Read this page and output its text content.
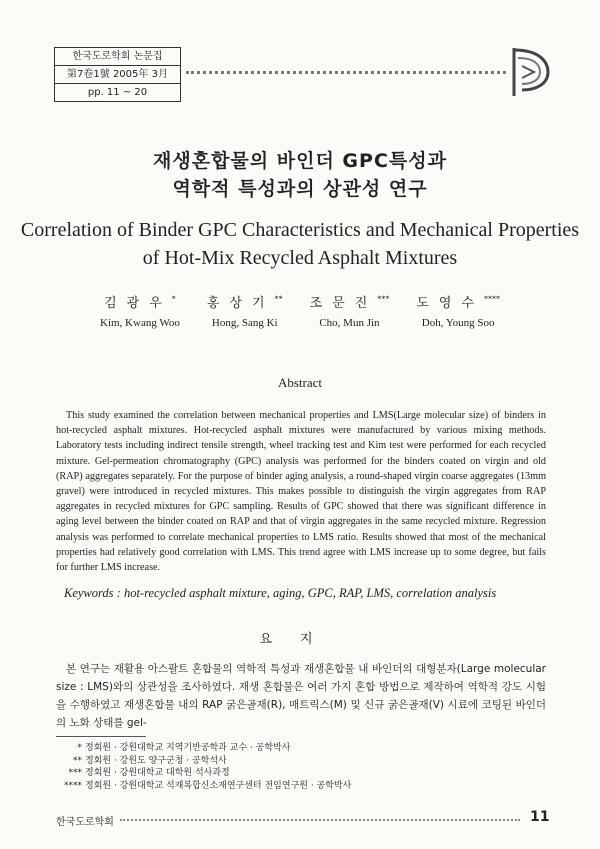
한국도로학회 논문집
第7卷1號 2005年 3月
pp. 11 ~ 20
재생혼합물의 바인더 GPC특성과
역학적 특성과의 상관성 연구
Correlation of Binder GPC Characteristics and Mechanical Properties
of Hot-Mix Recycled Asphalt Mixtures
김광우*
Kim, Kwang Woo
홍상기**
Hong, Sang Ki
조문진***
Cho, Mun Jin
도영수****
Doh, Young Soo
Abstract
This study examined the correlation between mechanical properties and LMS(Large molecular size) of binders in hot-recycled asphalt mixtures. Hot-recycled asphalt mixtures were manufactured by various mixing methods. Laboratory tests including indirect tensile strength, wheel tracking test and Kim test were performed for each recycled mixture. Gel-permeation chromatography (GPC) analysis was performed for the binders coated on virgin and old (RAP) aggregates separately. For the purpose of binder aging analysis, a round-shaped virgin coarse aggregates (13mm gravel) were introduced in recycled mixtures. This makes possible to distinguish the virgin aggregates from RAP aggregates in recycled mixtures for GPC sampling. Results of GPC showed that there was significant difference in aging level between the binder coated on RAP and that of virgin aggregates in the same recycled mixture. Regression analysis was performed to correlate mechanical properties to LMS ratio. Results showed that most of the mechanical properties had relatively good correlation with LMS. This trend agree with LMS increase up to some degree, but fails for further LMS increase.
Keywords : hot-recycled asphalt mixture, aging, GPC, RAP, LMS, correlation analysis
요지
본 연구는 재활용 아스팔트 혼합물의 역학적 특성과 재생혼합물 내 바인더의 대형분자(Large molecular size : LMS)와의 상관성을 조사하였다. 재생 혼합물은 여러 가지 혼합 방법으로 제작하여 역학적 강도 시험을 수행하였고 재생혼합물 내의 RAP 굵은골재(R), 매트릭스(M) 및 신규 굵은골재(V) 시료에 코팅된 바인더의 노화 상태를 gel-
* 정회원 · 강원대학교 지역기반공학과 교수 · 공학박사
** 정회원 · 강원도 양구군청 · 공학석사
*** 정회원 · 강원대학교 대학원 석사과정
**** 정회원 · 강원대학교 석재복합신소재연구센터 전임연구원 · 공학박사
한국도로학회	11
